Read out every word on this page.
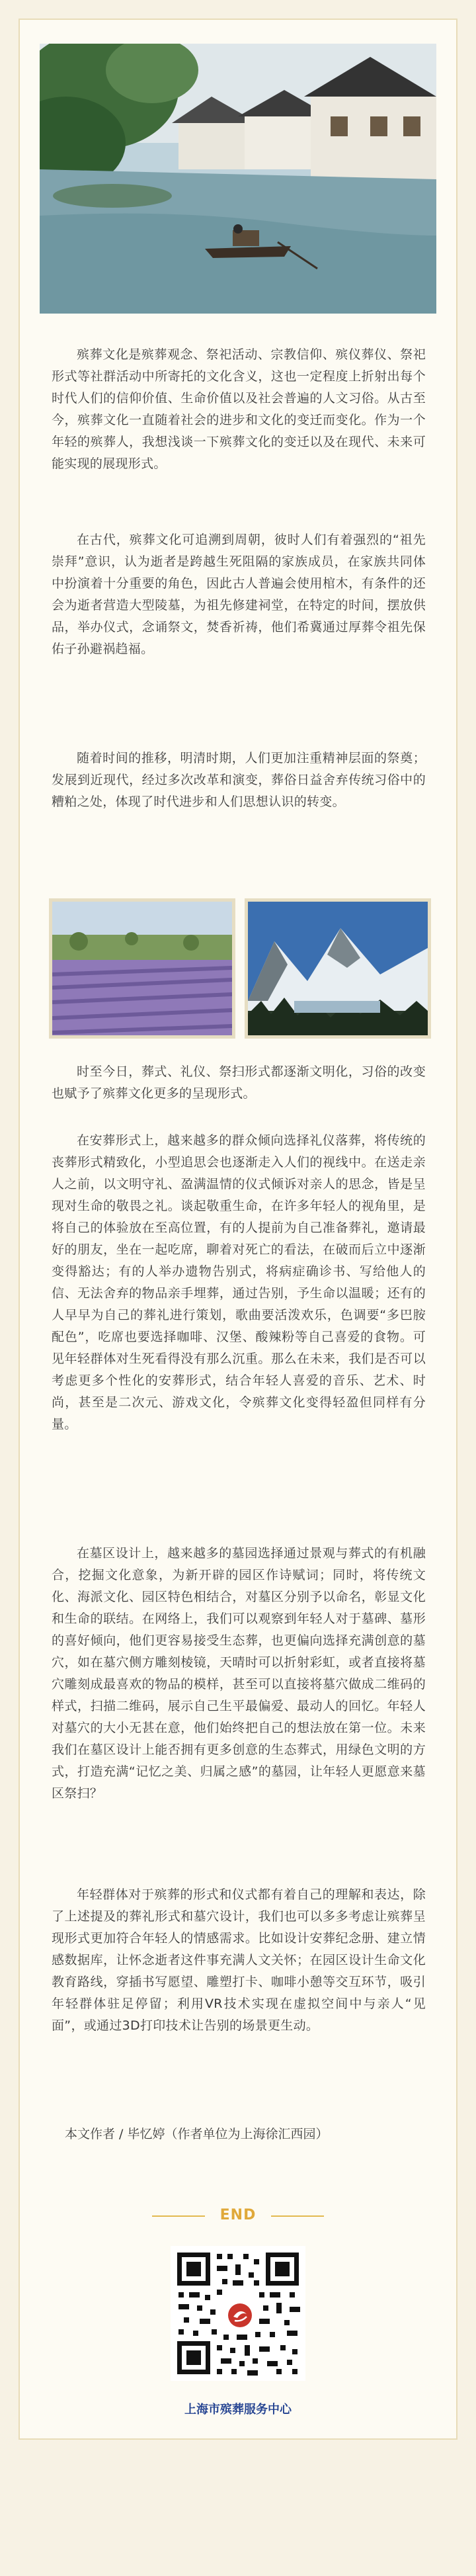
殡葬文化是殡葬观念、祭祀活动、宗教信仰、殡仪葬仪、祭祀形式等社群活动中所寄托的文化含义，这也一定程度上折射出每个时代人们的信仰价值、生命价值以及社会普遍的人文习俗。从古至今，殡葬文化一直随着社会的进步和文化的变迁而变化。作为一个年轻的殡葬人，我想浅谈一下殡葬文化的变迁以及在现代、未来可能实现的展现形式。

在古代，殡葬文化可追溯到周朝，彼时人们有着强烈的“祖先崇拜”意识，认为逝者是跨越生死阻隔的家族成员，在家族共同体中扮演着十分重要的角色，因此古人普遍会使用棺木，有条件的还会为逝者营造大型陵墓，为祖先修建祠堂，在特定的时间，摆放供品，举办仪式，念诵祭文，焚香祈祷，他们希冀通过厚葬令祖先保佑子孙避祸趋福。

随着时间的推移，明清时期，人们更加注重精神层面的祭奠；发展到近现代，经过多次改革和演变，葬俗日益舍弃传统习俗中的糟粕之处，体现了时代进步和人们思想认识的转变。

时至今日，葬式、礼仪、祭扫形式都逐渐文明化，习俗的改变也赋予了殡葬文化更多的呈现形式。

在安葬形式上，越来越多的群众倾向选择礼仪落葬，将传统的丧葬形式精致化，小型追思会也逐渐走入人们的视线中。在送走亲人之前，以文明守礼、盈满温情的仪式倾诉对亲人的思念，皆是呈现对生命的敬畏之礼。谈起敬重生命，在许多年轻人的视角里，是将自己的体验放在至高位置，有的人提前为自己准备葬礼，邀请最好的朋友，坐在一起吃席，聊着对死亡的看法，在破而后立中逐渐变得豁达；有的人举办遗物告别式，将病症确诊书、写给他人的信、无法舍弃的物品亲手埋葬，通过告别，予生命以温暖；还有的人早早为自己的葬礼进行策划，歌曲要活泼欢乐，色调要“多巴胺配色”，吃席也要选择咖啡、汉堡、酸辣粉等自己喜爱的食物。可见年轻群体对生死看得没有那么沉重。那么在未来，我们是否可以考虑更多个性化的安葬形式，结合年轻人喜爱的音乐、艺术、时尚，甚至是二次元、游戏文化，令殡葬文化变得轻盈但同样有分量。

在墓区设计上，越来越多的墓园选择通过景观与葬式的有机融合，挖掘文化意象，为新开辟的园区作诗赋词；同时，将传统文化、海派文化、园区特色相结合，对墓区分别予以命名，彰显文化和生命的联结。在网络上，我们可以观察到年轻人对于墓碑、墓形的喜好倾向，他们更容易接受生态葬，也更偏向选择充满创意的墓穴，如在墓穴侧方雕刻棱镜，天晴时可以折射彩虹，或者直接将墓穴雕刻成最喜欢的物品的模样，甚至可以直接将墓穴做成二维码的样式，扫描二维码，展示自己生平最偏爱、最动人的回忆。年轻人对墓穴的大小无甚在意，他们始终把自己的想法放在第一位。未来我们在墓区设计上能否拥有更多创意的生态葬式，用绿色文明的方式，打造充满“记忆之美、归属之感”的墓园，让年轻人更愿意来墓区祭扫？

年轻群体对于殡葬的形式和仪式都有着自己的理解和表达，除了上述提及的葬礼形式和墓穴设计，我们也可以多多考虑让殡葬呈现形式更加符合年轻人的情感需求。比如设计安葬纪念册、建立情感数据库，让怀念逝者这件事充满人文关怀；在园区设计生命文化教育路线，穿插书写愿望、雕塑打卡、咖啡小憩等交互环节，吸引年轻群体驻足停留；利用VR技术实现在虚拟空间中与亲人“见面”，或通过3D打印技术让告别的场景更生动。

本文作者 / 毕忆婷（作者单位为上海徐汇西园）

END

上海市殡葬服务中心
